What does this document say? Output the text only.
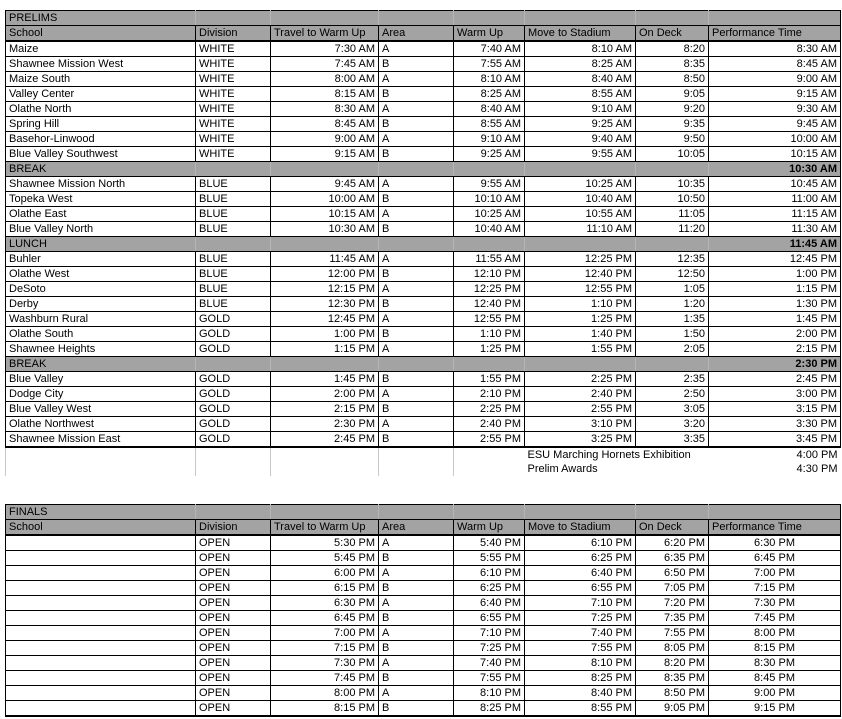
PRELIMS							
School	Division	Travel to Warm Up	Area	Warm Up	Move to Stadium	On Deck	Performance Time
Maize	WHITE	7:30 AM	A	7:40 AM	8:10 AM	8:20	8:30 AM
Shawnee Mission West	WHITE	7:45 AM	B	7:55 AM	8:25 AM	8:35	8:45 AM
Maize South	WHITE	8:00 AM	A	8:10 AM	8:40 AM	8:50	9:00 AM
Valley Center	WHITE	8:15 AM	B	8:25 AM	8:55 AM	9:05	9:15 AM
Olathe North	WHITE	8:30 AM	A	8:40 AM	9:10 AM	9:20	9:30 AM
Spring Hill	WHITE	8:45 AM	B	8:55 AM	9:25 AM	9:35	9:45 AM
Basehor-Linwood	WHITE	9:00 AM	A	9:10 AM	9:40 AM	9:50	10:00 AM
Blue Valley Southwest	WHITE	9:15 AM	B	9:25 AM	9:55 AM	10:05	10:15 AM
BREAK							10:30 AM
Shawnee Mission North	BLUE	9:45 AM	A	9:55 AM	10:25 AM	10:35	10:45 AM
Topeka West	BLUE	10:00 AM	B	10:10 AM	10:40 AM	10:50	11:00 AM
Olathe East	BLUE	10:15 AM	A	10:25 AM	10:55 AM	11:05	11:15 AM
Blue Valley North	BLUE	10:30 AM	B	10:40 AM	11:10 AM	11:20	11:30 AM
LUNCH							11:45 AM
Buhler	BLUE	11:45 AM	A	11:55 AM	12:25 PM	12:35	12:45 PM
Olathe West	BLUE	12:00 PM	B	12:10 PM	12:40 PM	12:50	1:00 PM
DeSoto	BLUE	12:15 PM	A	12:25 PM	12:55 PM	1:05	1:15 PM
Derby	BLUE	12:30 PM	B	12:40 PM	1:10 PM	1:20	1:30 PM
Washburn Rural	GOLD	12:45 PM	A	12:55 PM	1:25 PM	1:35	1:45 PM
Olathe South	GOLD	1:00 PM	B	1:10 PM	1:40 PM	1:50	2:00 PM
Shawnee Heights	GOLD	1:15 PM	A	1:25 PM	1:55 PM	2:05	2:15 PM
BREAK							2:30 PM
Blue Valley	GOLD	1:45 PM	B	1:55 PM	2:25 PM	2:35	2:45 PM
Dodge City	GOLD	2:00 PM	A	2:10 PM	2:40 PM	2:50	3:00 PM
Blue Valley West	GOLD	2:15 PM	B	2:25 PM	2:55 PM	3:05	3:15 PM
Olathe Northwest	GOLD	2:30 PM	A	2:40 PM	3:10 PM	3:20	3:30 PM
Shawnee Mission East	GOLD	2:45 PM	B	2:55 PM	3:25 PM	3:35	3:45 PM
					ESU Marching Hornets Exhibition		4:00 PM
					Prelim Awards		4:30 PM

FINALS							
School	Division	Travel to Warm Up	Area	Warm Up	Move to Stadium	On Deck	Performance Time
	OPEN	5:30 PM	A	5:40 PM	6:10 PM	6:20 PM	6:30 PM
	OPEN	5:45 PM	B	5:55 PM	6:25 PM	6:35 PM	6:45 PM
	OPEN	6:00 PM	A	6:10 PM	6:40 PM	6:50 PM	7:00 PM
	OPEN	6:15 PM	B	6:25 PM	6:55 PM	7:05 PM	7:15 PM
	OPEN	6:30 PM	A	6:40 PM	7:10 PM	7:20 PM	7:30 PM
	OPEN	6:45 PM	B	6:55 PM	7:25 PM	7:35 PM	7:45 PM
	OPEN	7:00 PM	A	7:10 PM	7:40 PM	7:55 PM	8:00 PM
	OPEN	7:15 PM	B	7:25 PM	7:55 PM	8:05 PM	8:15 PM
	OPEN	7:30 PM	A	7:40 PM	8:10 PM	8:20 PM	8:30 PM
	OPEN	7:45 PM	B	7:55 PM	8:25 PM	8:35 PM	8:45 PM
	OPEN	8:00 PM	A	8:10 PM	8:40 PM	8:50 PM	9:00 PM
	OPEN	8:15 PM	B	8:25 PM	8:55 PM	9:05 PM	9:15 PM
